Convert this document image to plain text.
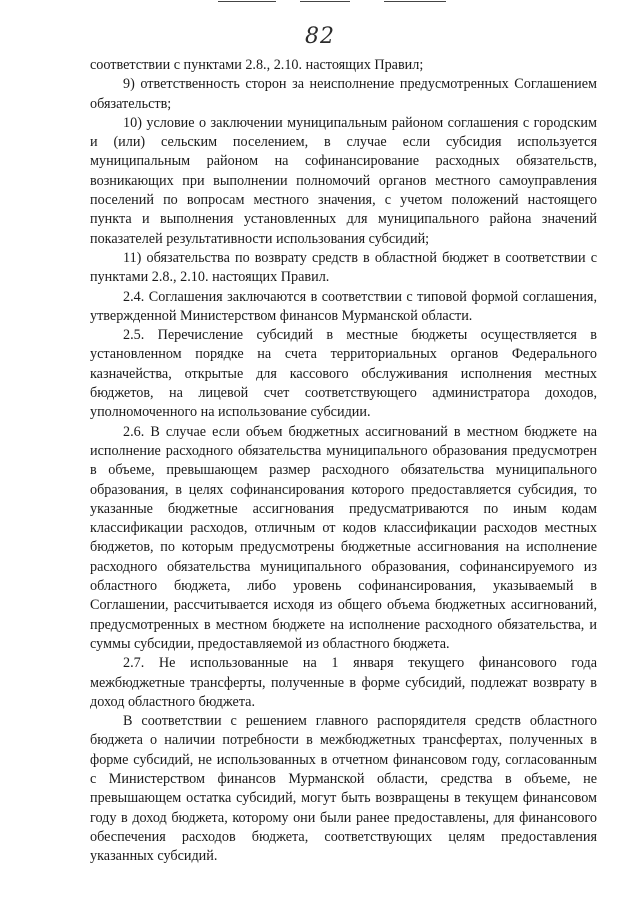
82

соответствии с пунктами 2.8., 2.10. настоящих Правил;

9) ответственность сторон за неисполнение предусмотренных Соглашением обязательств;

10) условие о заключении муниципальным районом соглашения с городским и (или) сельским поселением, в случае если субсидия используется муниципальным районом на софинансирование расходных обязательств, возникающих при выполнении полномочий органов местного самоуправления поселений по вопросам местного значения, с учетом положений настоящего пункта и выполнения установленных для муниципального района значений показателей результативности использования субсидий;

11) обязательства по возврату средств в областной бюджет в соответствии с пунктами 2.8., 2.10. настоящих Правил.

2.4. Соглашения заключаются в соответствии с типовой формой соглашения, утвержденной Министерством финансов Мурманской области.

2.5. Перечисление субсидий в местные бюджеты осуществляется в установленном порядке на счета территориальных органов Федерального казначейства, открытые для кассового обслуживания исполнения местных бюджетов, на лицевой счет соответствующего администратора доходов, уполномоченного на использование субсидии.

2.6. В случае если объем бюджетных ассигнований в местном бюджете на исполнение расходного обязательства муниципального образования предусмотрен в объеме, превышающем размер расходного обязательства муниципального образования, в целях софинансирования которого предоставляется субсидия, то указанные бюджетные ассигнования предусматриваются по иным кодам классификации расходов, отличным от кодов классификации расходов местных бюджетов, по которым предусмотрены бюджетные ассигнования на исполнение расходного обязательства муниципального образования, софинансируемого из областного бюджета, либо уровень софинансирования, указываемый в Соглашении, рассчитывается исходя из общего объема бюджетных ассигнований, предусмотренных в местном бюджете на исполнение расходного обязательства, и суммы субсидии, предоставляемой из областного бюджета.

2.7. Не использованные на 1 января текущего финансового года межбюджетные трансферты, полученные в форме субсидий, подлежат возврату в доход областного бюджета.

В соответствии с решением главного распорядителя средств областного бюджета о наличии потребности в межбюджетных трансфертах, полученных в форме субсидий, не использованных в отчетном финансовом году, согласованным с Министерством финансов Мурманской области, средства в объеме, не превышающем остатка субсидий, могут быть возвращены в текущем финансовом году в доход бюджета, которому они были ранее предоставлены, для финансового обеспечения расходов бюджета, соответствующих целям предоставления указанных субсидий.
